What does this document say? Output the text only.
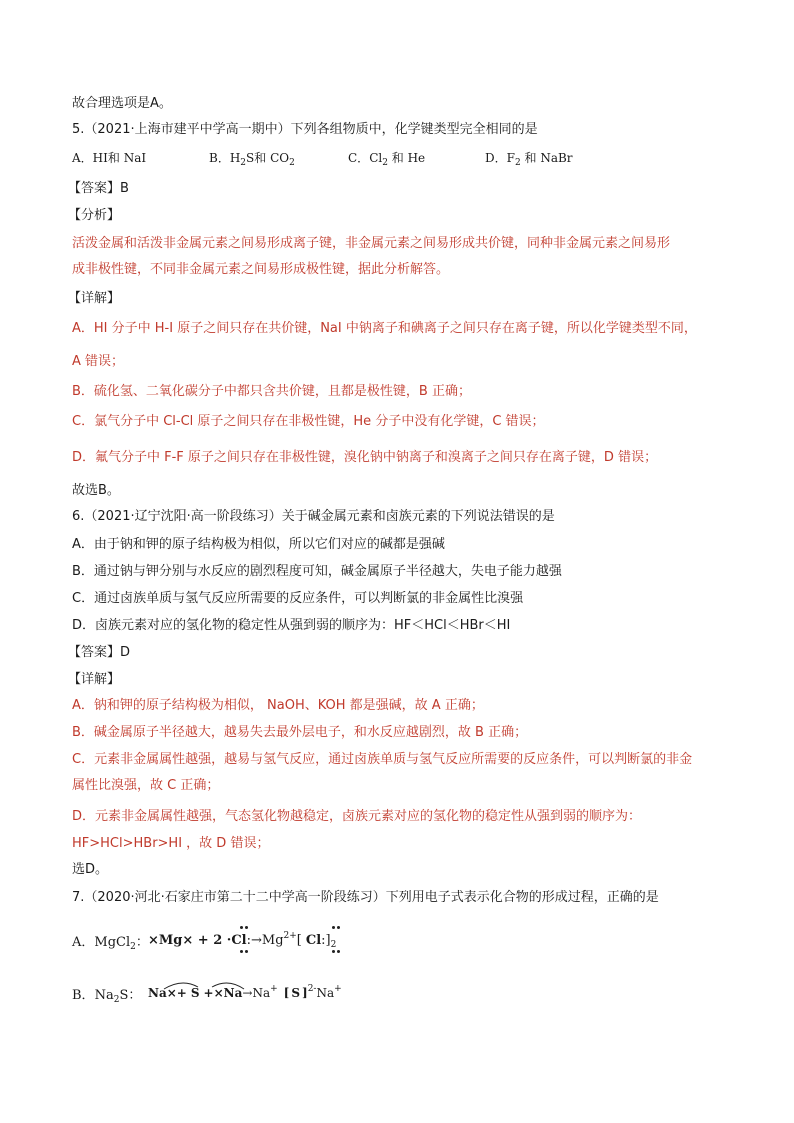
故合理选项是A。
5.（2021·上海市建平中学高一期中）下列各组物质中，化学键类型完全相同的是
A．HI和 NaI	B．$H_2S$和 $CO_2$	C．$Cl_2$ 和 He	D．$F_2$ 和 NaBr
【答案】B
【分析】
活泼金属和活泼非金属元素之间易形成离子键，非金属元素之间易形成共价键，同种非金属元素之间易形
成非极性键，不同非金属元素之间易形成极性键，据此分析解答。
【详解】
A．HI 分子中 H-I 原子之间只存在共价键，NaI 中钠离子和碘离子之间只存在离子键，所以化学键类型不同，
A 错误；
B．硫化氢、二氧化碳分子中都只含共价键，且都是极性键，B 正确；
C．氯气分子中 Cl-Cl 原子之间只存在非极性键，He 分子中没有化学键，C 错误；
D．氟气分子中 F-F 原子之间只存在非极性键，溴化钠中钠离子和溴离子之间只存在离子键，D 错误；
故选B。
6.（2021·辽宁沈阳·高一阶段练习）关于碱金属元素和卤族元素的下列说法错误的是
A．由于钠和钾的原子结构极为相似，所以它们对应的碱都是强碱
B．通过钠与钾分别与水反应的剧烈程度可知，碱金属原子半径越大，失电子能力越强
C．通过卤族单质与氢气反应所需要的反应条件，可以判断氯的非金属性比溴强
D．卤族元素对应的氢化物的稳定性从强到弱的顺序为：HF＜HCl＜HBr＜HI
【答案】D
【详解】
A．钠和钾的原子结构极为相似， NaOH、KOH 都是强碱，故 A 正确；
B．碱金属原子半径越大，越易失去最外层电子，和水反应越剧烈，故 B 正确；
C．元素非金属属性越强，越易与氢气反应，通过卤族单质与氢气反应所需要的反应条件，可以判断氯的非金
属性比溴强，故 C 正确；
D．元素非金属属性越强，气态氢化物越稳定，卤族元素对应的氢化物的稳定性从强到弱的顺序为：
HF>HCl>HBr>HI ，故 D 错误；
选D。
7.（2020·河北·石家庄市第二十二中学高一阶段练习）下列用电子式表示化合物的形成过程，正确的是
A．MgCl$_2$： $\times Mg\times + 2 \cdot Cl:\to Mg^{2+}$[ $Cl:]_2$
B．$Na_2S$： Na×+ S +×Na→Na+ [ S ]$^{2-}$Na+
